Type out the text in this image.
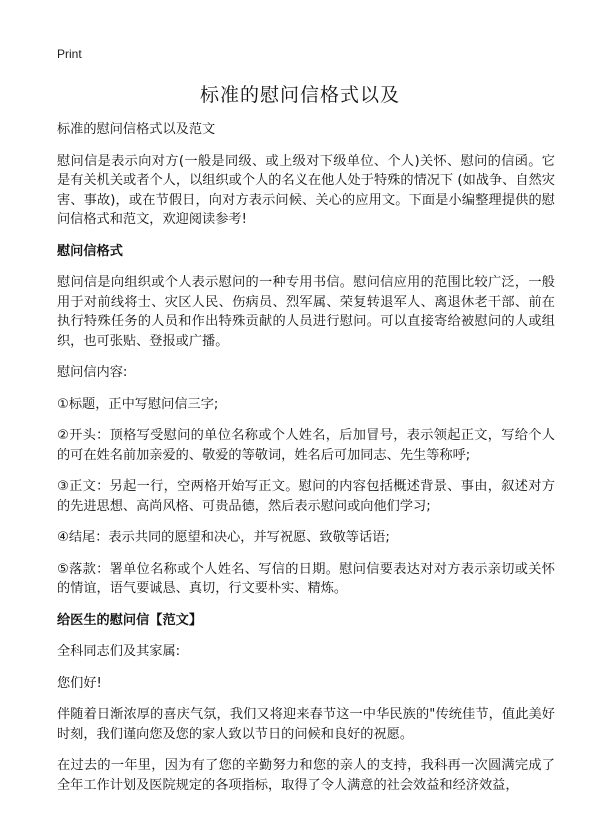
Print
标准的慰问信格式以及

标准的慰问信格式以及范文

慰问信是表示向对方(一般是同级、或上级对下级单位、个人)关怀、慰问的信函。它是有关机关或者个人，以组织或个人的名义在他人处于特殊的情况下 (如战争、自然灾害、事故)，或在节假日，向对方表示问候、关心的应用文。下面是小编整理提供的慰问信格式和范文，欢迎阅读参考!

慰问信格式

慰问信是向组织或个人表示慰问的一种专用书信。慰问信应用的范围比较广泛，一般用于对前线将士、灾区人民、伤病员、烈军属、荣复转退军人、离退休老干部、前在执行特殊任务的人员和作出特殊贡献的人员进行慰问。可以直接寄给被慰问的人或组织，也可张贴、登报或广播。

慰问信内容:

①标题，正中写慰问信三字;

②开头：顶格写受慰问的单位名称或个人姓名，后加冒号，表示领起正文，写给个人的可在姓名前加亲爱的、敬爱的等敬词，姓名后可加同志、先生等称呼;

③正文：另起一行，空两格开始写正文。慰问的内容包括概述背景、事由，叙述对方的先进思想、高尚风格、可贵品德，然后表示慰问或向他们学习;

④结尾：表示共同的愿望和决心，并写祝愿、致敬等话语;

⑤落款：署单位名称或个人姓名、写信的日期。慰问信要表达对对方表示亲切或关怀的情谊，语气要诚恳、真切，行文要朴实、精炼。

给医生的慰问信【范文】

全科同志们及其家属:

您们好!

伴随着日渐浓厚的喜庆气氛，我们又将迎来春节这一中华民族的"传统佳节，值此美好时刻，我们谨向您及您的家人致以节日的问候和良好的祝愿。

在过去的一年里，因为有了您的辛勤努力和您的亲人的支持，我科再一次圆满完成了全年工作计划及医院规定的各项指标，取得了令人满意的社会效益和经济效益，
